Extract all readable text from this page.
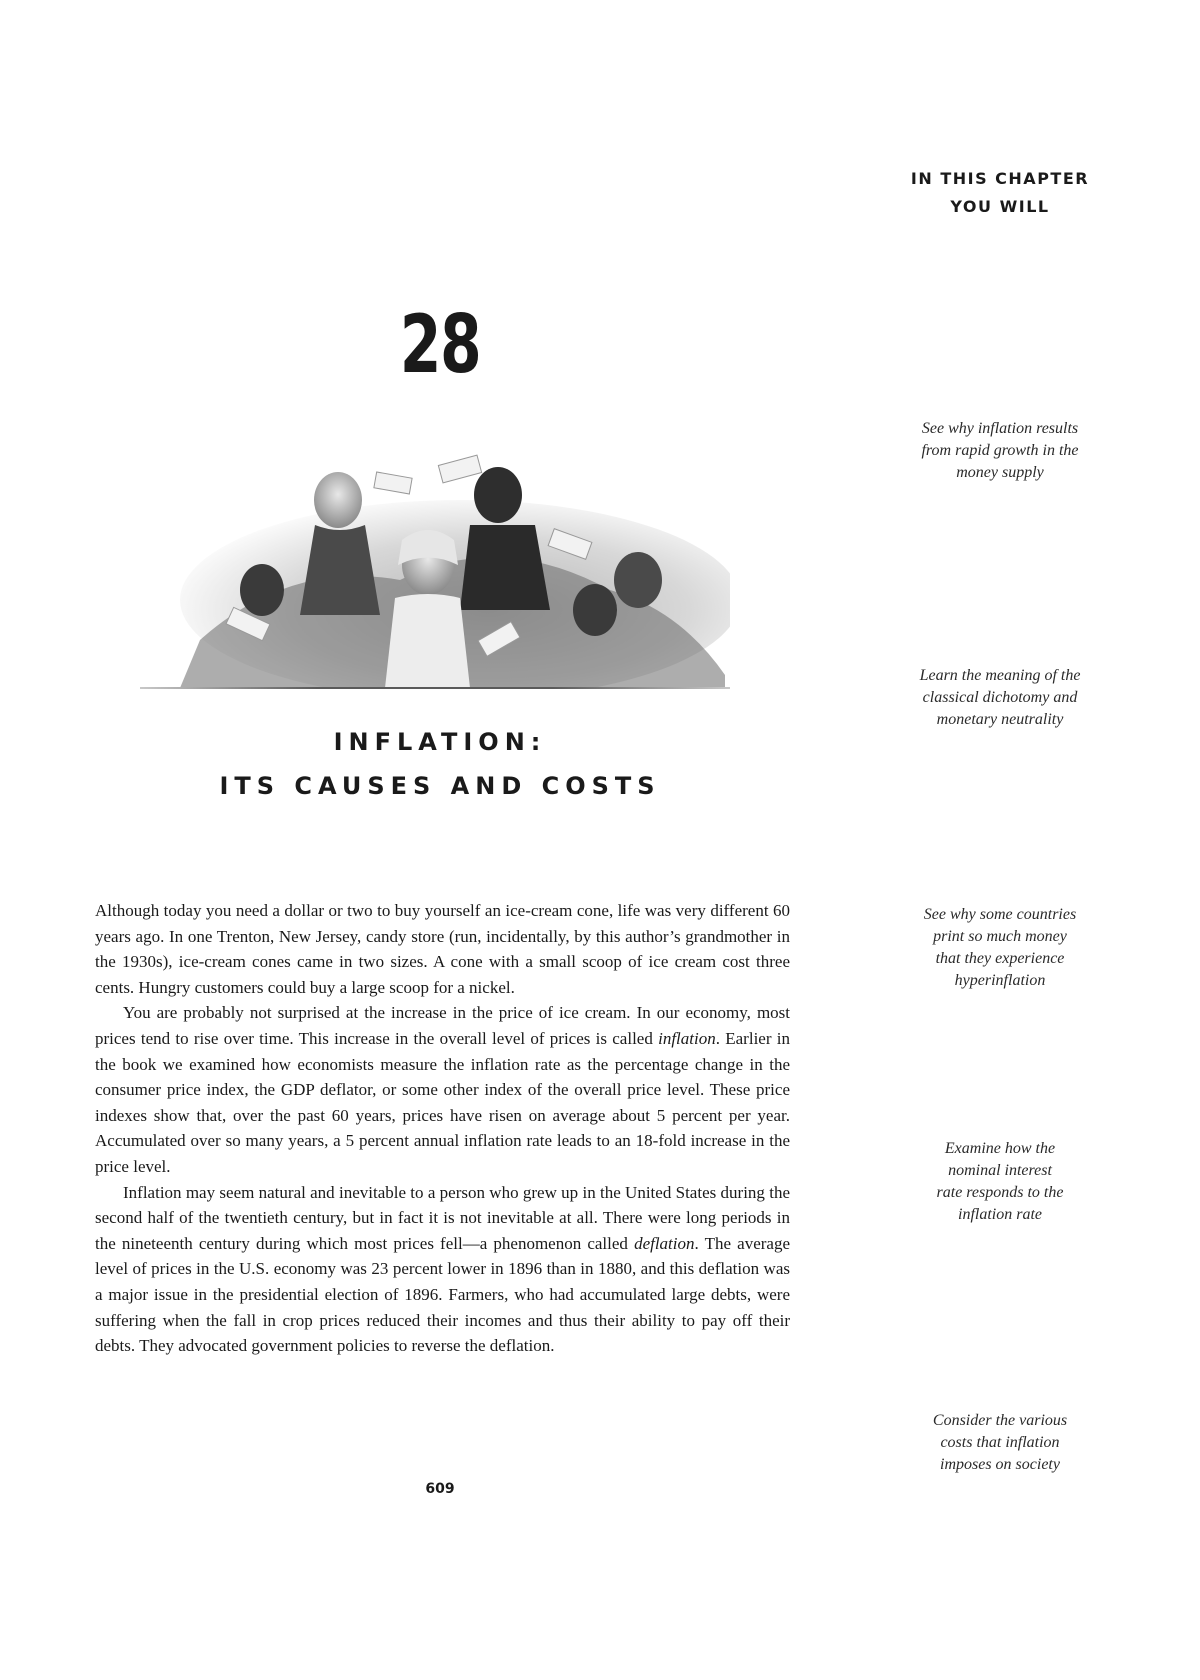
IN THIS CHAPTER
YOU WILL
28
See why inflation results
from rapid growth in the
money supply
Learn the meaning of the
classical dichotomy and
monetary neutrality
See why some countries
print so much money
that they experience
hyperinflation
Examine how the
nominal interest
rate responds to the
inflation rate
Consider the various
costs that inflation
imposes on society
INFLATION:
ITS CAUSES AND COSTS

Although today you need a dollar or two to buy yourself an ice-cream cone, life was very different 60 years ago. In one Trenton, New Jersey, candy store (run, incidentally, by this author’s grandmother in the 1930s), ice-cream cones came in two sizes. A cone with a small scoop of ice cream cost three cents. Hungry customers could buy a large scoop for a nickel.

You are probably not surprised at the increase in the price of ice cream. In our economy, most prices tend to rise over time. This increase in the overall level of prices is called inflation. Earlier in the book we examined how economists measure the inflation rate as the percentage change in the consumer price index, the GDP deflator, or some other index of the overall price level. These price indexes show that, over the past 60 years, prices have risen on average about 5 percent per year. Accumulated over so many years, a 5 percent annual inflation rate leads to an 18-fold increase in the price level.

Inflation may seem natural and inevitable to a person who grew up in the United States during the second half of the twentieth century, but in fact it is not inevitable at all. There were long periods in the nineteenth century during which most prices fell—a phenomenon called deflation. The average level of prices in the U.S. economy was 23 percent lower in 1896 than in 1880, and this deflation was a major issue in the presidential election of 1896. Farmers, who had accumulated large debts, were suffering when the fall in crop prices reduced their incomes and thus their ability to pay off their debts. They advocated government policies to reverse the deflation.

609
